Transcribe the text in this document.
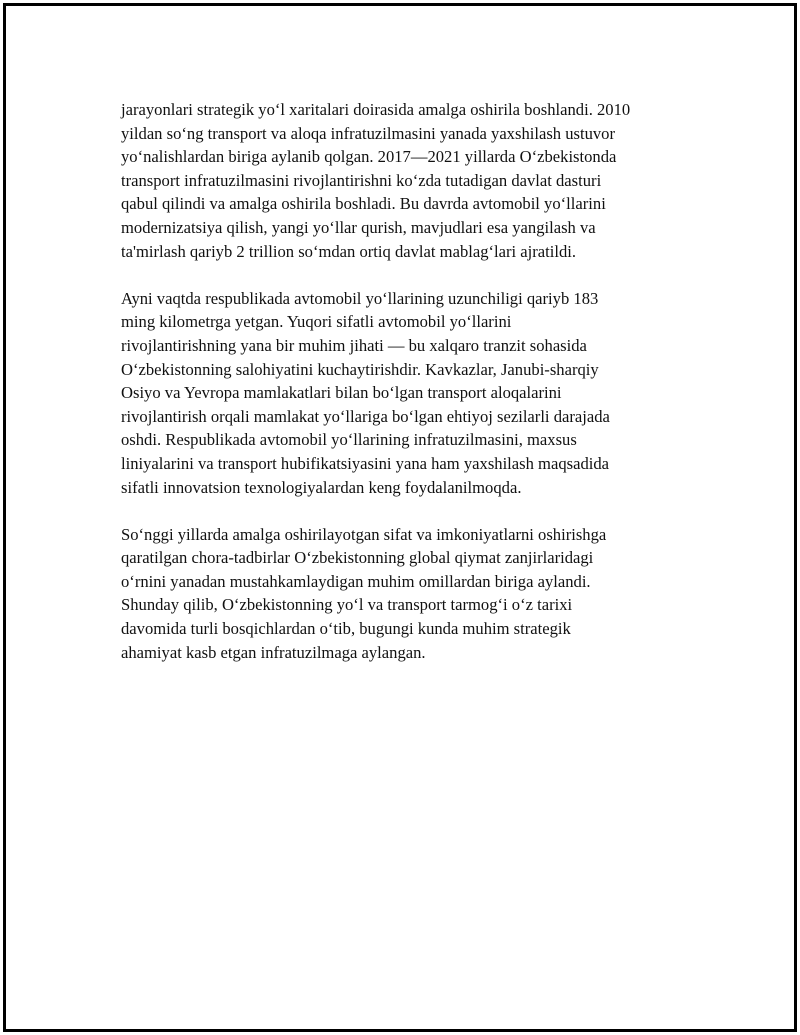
jarayonlari strategik yo‘l xaritalari doirasida amalga oshirila boshlandi. 2010
yildan so‘ng transport va aloqa infratuzilmasini yanada yaxshilash ustuvor
yo‘nalishlardan biriga aylanib qolgan. 2017—2021 yillarda O‘zbekistonda
transport infratuzilmasini rivojlantirishni ko‘zda tutadigan davlat dasturi
qabul qilindi va amalga oshirila boshladi. Bu davrda avtomobil yo‘llarini
modernizatsiya qilish, yangi yo‘llar qurish, mavjudlari esa yangilash va
ta'mirlash qariyb 2 trillion so‘mdan ortiq davlat mablag‘lari ajratildi.

Ayni vaqtda respublikada avtomobil yo‘llarining uzunchiligi qariyb 183
ming kilometrga yetgan. Yuqori sifatli avtomobil yo‘llarini
rivojlantirishning yana bir muhim jihati — bu xalqaro tranzit sohasida
O‘zbekistonning salohiyatini kuchaytirishdir. Kavkazlar, Janubi-sharqiy
Osiyo va Yevropa mamlakatlari bilan bo‘lgan transport aloqalarini
rivojlantirish orqali mamlakat yo‘llariga bo‘lgan ehtiyoj sezilarli darajada
oshdi. Respublikada avtomobil yo‘llarining infratuzilmasini, maxsus
liniyalarini va transport hubifikatsiyasini yana ham yaxshilash maqsadida
sifatli innovatsion texnologiyalardan keng foydalanilmoqda.

So‘nggi yillarda amalga oshirilayotgan sifat va imkoniyatlarni oshirishga
qaratilgan chora-tadbirlar O‘zbekistonning global qiymat zanjirlaridagi
o‘rnini yanadan mustahkamlaydigan muhim omillardan biriga aylandi.
Shunday qilib, O‘zbekistonning yo‘l va transport tarmog‘i o‘z tarixi
davomida turli bosqichlardan o‘tib, bugungi kunda muhim strategik
ahamiyat kasb etgan infratuzilmaga aylangan.
